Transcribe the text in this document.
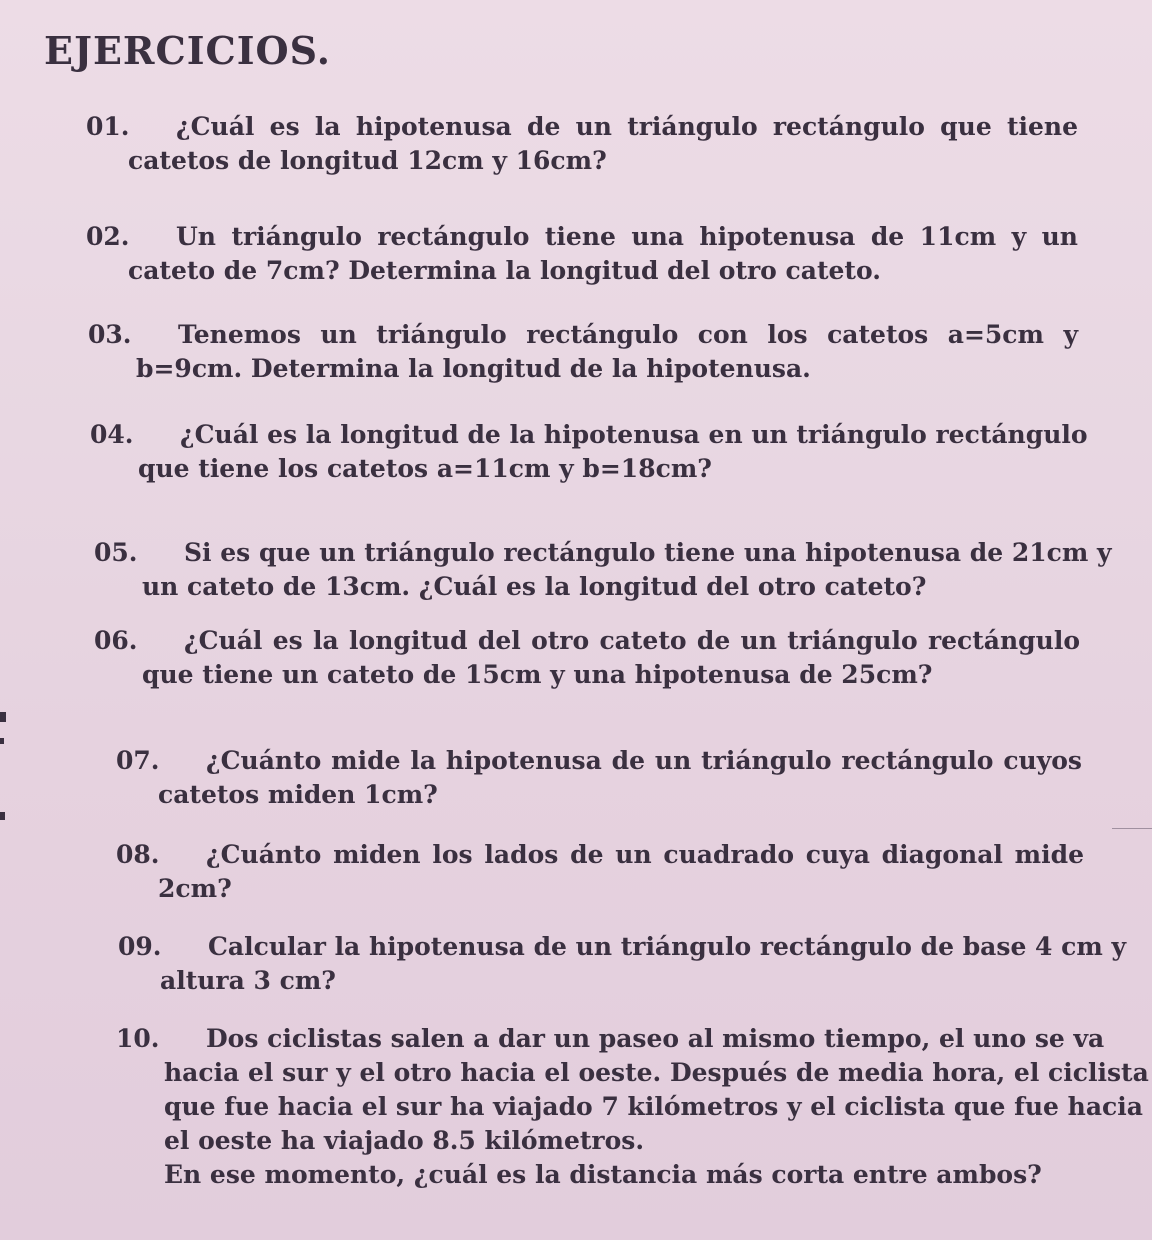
EJERCICIOS.
01.	¿Cuál es la hipotenusa de un triángulo rectángulo que tiene
catetos de longitud 12cm y 16cm?
02.	Un triángulo rectángulo tiene una hipotenusa de 11cm y un
cateto de 7cm? Determina la longitud del otro cateto.
03.	Tenemos un triángulo rectángulo con los catetos a=5cm y
b=9cm. Determina la longitud de la hipotenusa.
04.	¿Cuál es la longitud de la hipotenusa en un triángulo rectángulo
que tiene los catetos a=11cm y b=18cm?
05.	Si es que un triángulo rectángulo tiene una hipotenusa de 21cm y
un cateto de 13cm. ¿Cuál es la longitud del otro cateto?
06.	¿Cuál es la longitud del otro cateto de un triángulo rectángulo
que tiene un cateto de 15cm y una hipotenusa de 25cm?
07.	¿Cuánto mide la hipotenusa de un triángulo rectángulo cuyos
catetos miden 1cm?
08.	¿Cuánto miden los lados de un cuadrado cuya diagonal mide
2cm?
09.	Calcular la hipotenusa de un triángulo rectángulo de base 4 cm y
altura 3 cm?
10.	Dos ciclistas salen a dar un paseo al mismo tiempo, el uno se va
hacia el sur y el otro hacia el oeste. Después de media hora, el ciclista
que fue hacia el sur ha viajado 7 kilómetros y el ciclista que fue hacia
el oeste ha viajado 8.5 kilómetros.
En ese momento, ¿cuál es la distancia más corta entre ambos?
